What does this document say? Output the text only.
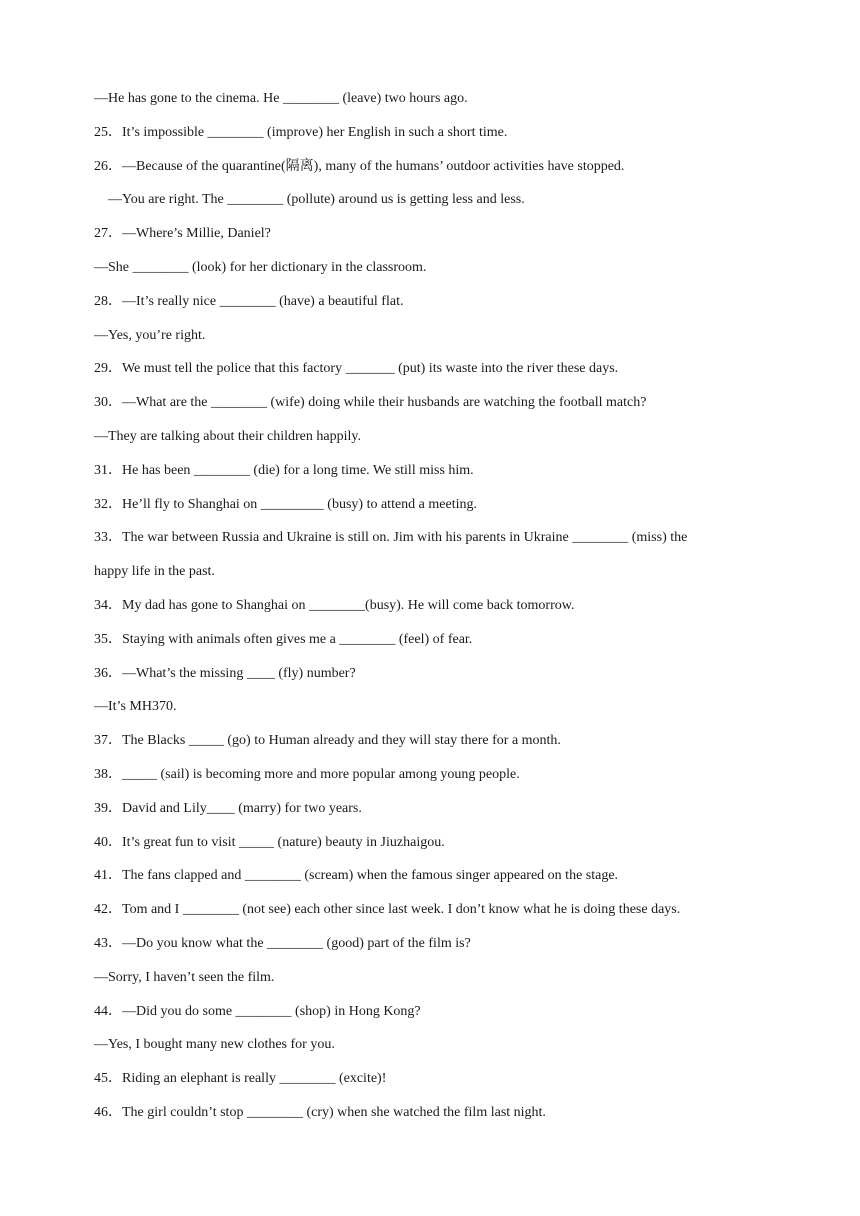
—He has gone to the cinema. He ________ (leave) two hours ago.
25．It’s impossible ________ (improve) her English in such a short time.
26．—Because of the quarantine(隔离), many of the humans’ outdoor activities have stopped.
—You are right. The ________ (pollute) around us is getting less and less.
27．—Where’s Millie, Daniel?
—She ________ (look) for her dictionary in the classroom.
28．—It’s really nice ________ (have) a beautiful flat.
—Yes, you’re right.
29．We must tell the police that this factory _______ (put) its waste into the river these days.
30．—What are the ________ (wife) doing while their husbands are watching the football match?
—They are talking about their children happily.
31．He has been ________ (die) for a long time. We still miss him.
32．He’ll fly to Shanghai on _________ (busy) to attend a meeting.
33．The war between Russia and Ukraine is still on. Jim with his parents in Ukraine ________ (miss) the
happy life in the past.
34．My dad has gone to Shanghai on ________(busy). He will come back tomorrow.
35．Staying with animals often gives me a ________ (feel) of fear.
36．—What’s the missing ____ (fly) number?
—It’s MH370.
37．The Blacks _____ (go) to Human already and they will stay there for a month.
38．_____ (sail) is becoming more and more popular among young people.
39．David and Lily____ (marry) for two years.
40．It’s great fun to visit _____ (nature) beauty in Jiuzhaigou.
41．The fans clapped and ________ (scream) when the famous singer appeared on the stage.
42．Tom and I ________ (not see) each other since last week. I don’t know what he is doing these days.
43．—Do you know what the ________ (good) part of the film is?
—Sorry, I haven’t seen the film.
44．—Did you do some ________ (shop) in Hong Kong?
—Yes, I bought many new clothes for you.
45．Riding an elephant is really ________ (excite)!
46．The girl couldn’t stop ________ (cry) when she watched the film last night.
